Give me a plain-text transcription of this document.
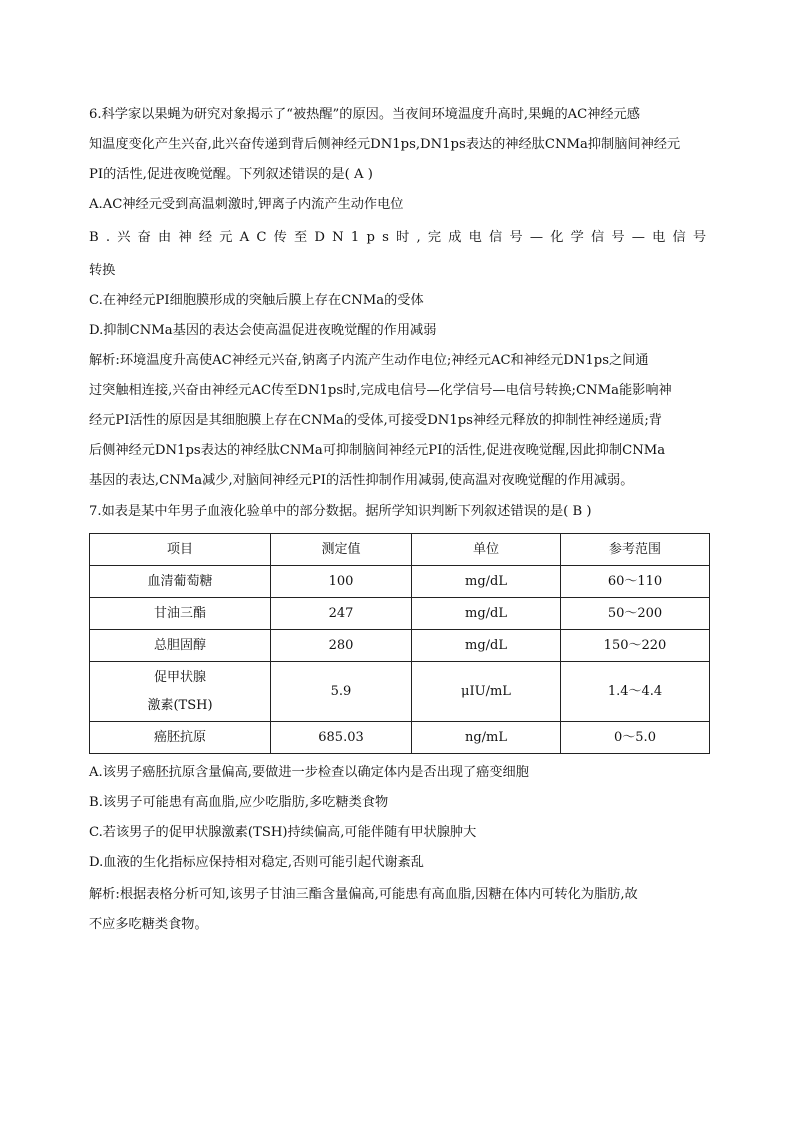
6.科学家以果蝇为研究对象揭示了“被热醒”的原因。当夜间环境温度升高时,果蝇的AC神经元感
知温度变化产生兴奋,此兴奋传递到背后侧神经元DN1ps,DN1ps表达的神经肽CNMa抑制脑间神经元
PI的活性,促进夜晚觉醒。下列叙述错误的是( A )
A.AC神经元受到高温刺激时,钾离子内流产生动作电位
B.兴奋由神经元AC传至DN1ps时,完成电信号—化学信号—电信号
转换
C.在神经元PI细胞膜形成的突触后膜上存在CNMa的受体
D.抑制CNMa基因的表达会使高温促进夜晚觉醒的作用减弱
解析:环境温度升高使AC神经元兴奋,钠离子内流产生动作电位;神经元AC和神经元DN1ps之间通
过突触相连接,兴奋由神经元AC传至DN1ps时,完成电信号—化学信号—电信号转换;CNMa能影响神
经元PI活性的原因是其细胞膜上存在CNMa的受体,可接受DN1ps神经元释放的抑制性神经递质;背
后侧神经元DN1ps表达的神经肽CNMa可抑制脑间神经元PI的活性,促进夜晚觉醒,因此抑制CNMa
基因的表达,CNMa减少,对脑间神经元PI的活性抑制作用减弱,使高温对夜晚觉醒的作用减弱。
7.如表是某中年男子血液化验单中的部分数据。据所学知识判断下列叙述错误的是( B )
项目	测定值	单位	参考范围
血清葡萄糖	100	mg/dL	60～110
甘油三酯	247	mg/dL	50～200
总胆固醇	280	mg/dL	150～220

促甲状腺
激素(TSH)	5.9	μIU/mL	1.4～4.4
癌胚抗原	685.03	ng/mL	0～5.0
A.该男子癌胚抗原含量偏高,要做进一步检查以确定体内是否出现了癌变细胞
B.该男子可能患有高血脂,应少吃脂肪,多吃糖类食物
C.若该男子的促甲状腺激素(TSH)持续偏高,可能伴随有甲状腺肿大
D.血液的生化指标应保持相对稳定,否则可能引起代谢紊乱
解析:根据表格分析可知,该男子甘油三酯含量偏高,可能患有高血脂,因糖在体内可转化为脂肪,故
不应多吃糖类食物。
